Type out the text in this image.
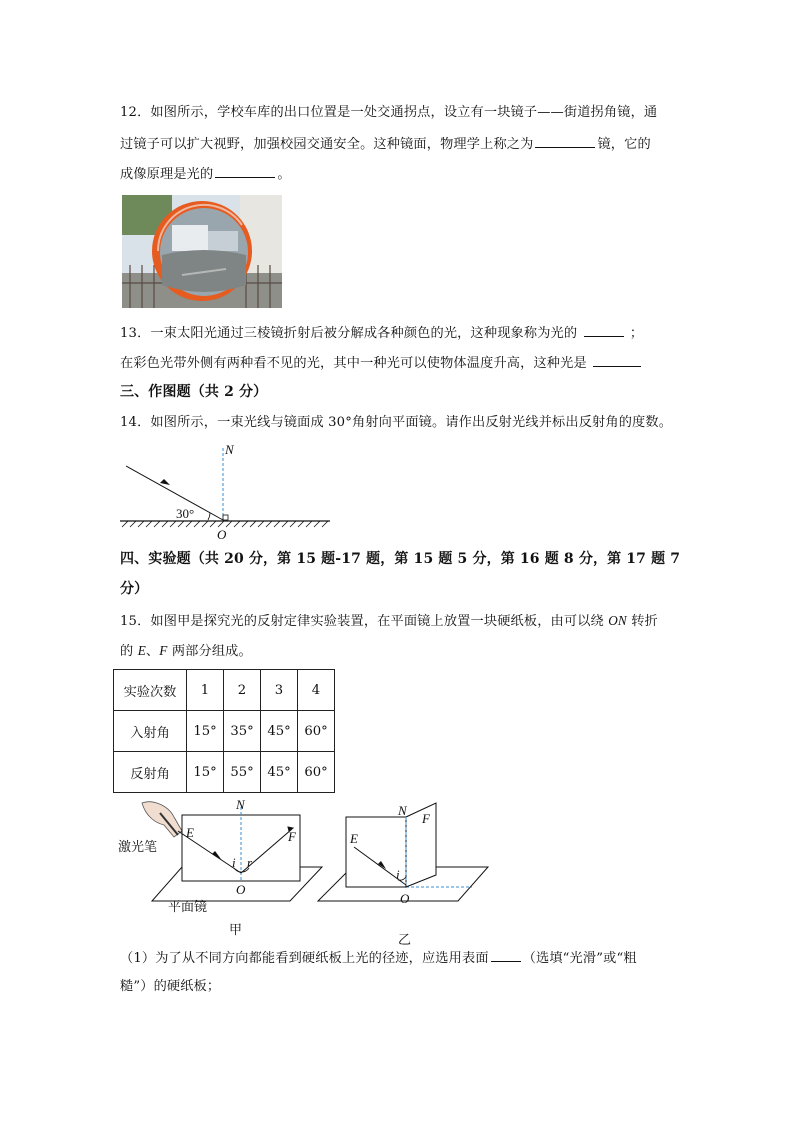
12．如图所示，学校车库的出口位置是一处交通拐点，设立有一块镜子——街道拐角镜，通
过镜子可以扩大视野，加强校园交通安全。这种镜面，物理学上称之为	镜，它的
成像原理是光的	。
13．一束太阳光通过三棱镜折射后被分解成各种颜色的光，这种现象称为光的	；
在彩色光带外侧有两种看不见的光，其中一种光可以使物体温度升高，这种光是
三、作图题（共 2 分）
14．如图所示，一束光线与镜面成 30°角射向平面镜。请作出反射光线并标出反射角的度数。
N
30°
O
四、实验题（共 20 分，第 15 题-17 题，第 15 题 5 分，第 16 题 8 分，第 17 题 7
分）
15．如图甲是探究光的反射定律实验装置，在平面镜上放置一块硬纸板，由可以绕 ON 转折
的 E、F 两部分组成。
实验次数	1	2	3	4
入射角	15°	35°	45°	60°
反射角	15°	55°	45°	60°
激光笔
平面镜
N
E	F
i r
O
甲
N
F
E
i
O
乙
（1）为了从不同方向都能看到硬纸板上光的径迹，应选用表面	（选填“光滑”或“粗
糙”）的硬纸板；
